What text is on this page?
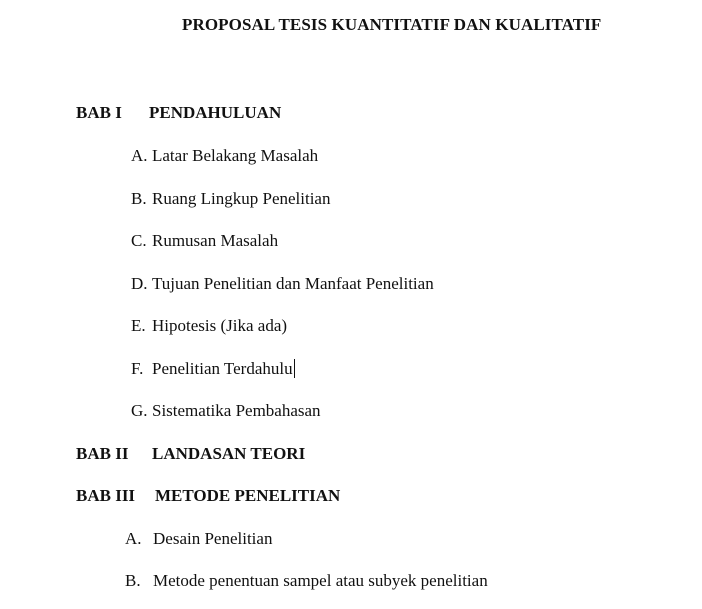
PROPOSAL TESIS KUANTITATIF DAN KUALITATIF
BAB I PENDAHULUAN
A. Latar Belakang Masalah
B. Ruang Lingkup Penelitian
C. Rumusan Masalah
D. Tujuan Penelitian dan Manfaat Penelitian
E. Hipotesis (Jika ada)
F. Penelitian Terdahulu
G. Sistematika Pembahasan
BAB II LANDASAN TEORI
BAB III METODE PENELITIAN
A. Desain Penelitian
B. Metode penentuan sampel atau subyek penelitian
